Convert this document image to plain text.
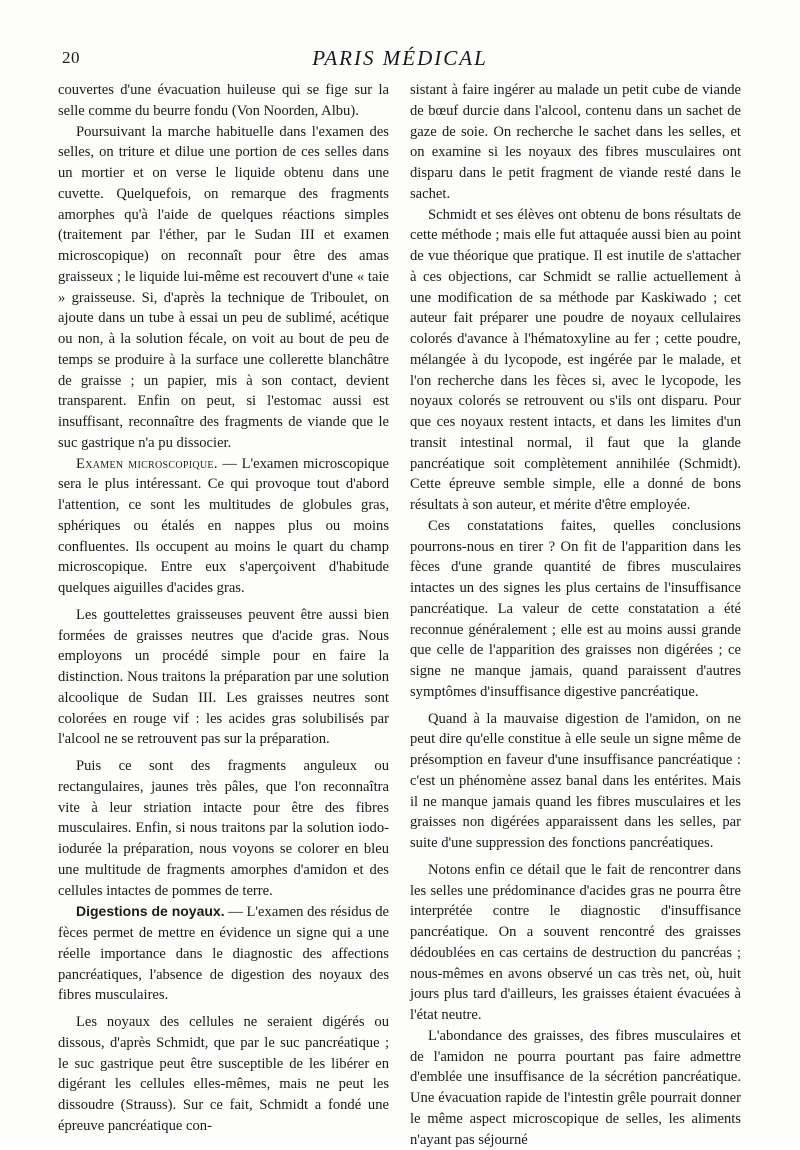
20	PARIS MÉDICAL

couvertes d'une évacuation huileuse qui se fige sur la selle comme du beurre fondu (Von Noorden, Albu).

Poursuivant la marche habituelle dans l'examen des selles, on triture et dilue une portion de ces selles dans un mortier et on verse le liquide obtenu dans une cuvette. Quelquefois, on remarque des fragments amorphes qu'à l'aide de quelques réactions simples (traitement par l'éther, par le Sudan III et examen microscopique) on reconnaît pour être des amas graisseux ; le liquide lui-même est recouvert d'une « taie » graisseuse. Si, d'après la technique de Triboulet, on ajoute dans un tube à essai un peu de sublimé, acétique ou non, à la solution fécale, on voit au bout de peu de temps se produire à la surface une collerette blanchâtre de graisse ; un papier, mis à son contact, devient transparent. Enfin on peut, si l'estomac aussi est insuffisant, reconnaître des fragments de viande que le suc gastrique n'a pu dissocier.

Examen microscopique. — L'examen microscopique sera le plus intéressant. Ce qui provoque tout d'abord l'attention, ce sont les multitudes de globules gras, sphériques ou étalés en nappes plus ou moins confluentes. Ils occupent au moins le quart du champ microscopique. Entre eux s'aperçoivent d'habitude quelques aiguilles d'acides gras.

Les gouttelettes graisseuses peuvent être aussi bien formées de graisses neutres que d'acide gras. Nous employons un procédé simple pour en faire la distinction. Nous traitons la préparation par une solution alcoolique de Sudan III. Les graisses neutres sont colorées en rouge vif : les acides gras solubilisés par l'alcool ne se retrouvent pas sur la préparation.

Puis ce sont des fragments anguleux ou rectangulaires, jaunes très pâles, que l'on reconnaîtra vite à leur striation intacte pour être des fibres musculaires. Enfin, si nous traitons par la solution iodo-iodurée la préparation, nous voyons se colorer en bleu une multitude de fragments amorphes d'amidon et des cellules intactes de pommes de terre.

Digestions de noyaux. — L'examen des résidus de fèces permet de mettre en évidence un signe qui a une réelle importance dans le diagnostic des affections pancréatiques, l'absence de digestion des noyaux des fibres musculaires.

Les noyaux des cellules ne seraient digérés ou dissous, d'après Schmidt, que par le suc pancréatique ; le suc gastrique peut être susceptible de les libérer en digérant les cellules elles-mêmes, mais ne peut les dissoudre (Strauss). Sur ce fait, Schmidt a fondé une épreuve pancréatique con-

sistant à faire ingérer au malade un petit cube de viande de bœuf durcie dans l'alcool, contenu dans un sachet de gaze de soie. On recherche le sachet dans les selles, et on examine si les noyaux des fibres musculaires ont disparu dans le petit fragment de viande resté dans le sachet.

Schmidt et ses élèves ont obtenu de bons résultats de cette méthode ; mais elle fut attaquée aussi bien au point de vue théorique que pratique. Il est inutile de s'attacher à ces objections, car Schmidt se rallie actuellement à une modification de sa méthode par Kaskiwado ; cet auteur fait préparer une poudre de noyaux cellulaires colorés d'avance à l'hématoxyline au fer ; cette poudre, mélangée à du lycopode, est ingérée par le malade, et l'on recherche dans les fèces si, avec le lycopode, les noyaux colorés se retrouvent ou s'ils ont disparu. Pour que ces noyaux restent intacts, et dans les limites d'un transit intestinal normal, il faut que la glande pancréatique soit complètement annihilée (Schmidt). Cette épreuve semble simple, elle a donné de bons résultats à son auteur, et mérite d'être employée.

Ces constatations faites, quelles conclusions pourrons-nous en tirer ? On fit de l'apparition dans les fèces d'une grande quantité de fibres musculaires intactes un des signes les plus certains de l'insuffisance pancréatique. La valeur de cette constatation a été reconnue généralement ; elle est au moins aussi grande que celle de l'apparition des graisses non digérées ; ce signe ne manque jamais, quand paraissent d'autres symptômes d'insuffisance digestive pancréatique.

Quand à la mauvaise digestion de l'amidon, on ne peut dire qu'elle constitue à elle seule un signe même de présomption en faveur d'une insuffisance pancréatique : c'est un phénomène assez banal dans les entérites. Mais il ne manque jamais quand les fibres musculaires et les graisses non digérées apparaissent dans les selles, par suite d'une suppression des fonctions pancréatiques.

Notons enfin ce détail que le fait de rencontrer dans les selles une prédominance d'acides gras ne pourra être interprétée contre le diagnostic d'insuffisance pancréatique. On a souvent rencontré des graisses dédoublées en cas certains de destruction du pancréas ; nous-mêmes en avons observé un cas très net, où, huit jours plus tard d'ailleurs, les graisses étaient évacuées à l'état neutre.

L'abondance des graisses, des fibres musculaires et de l'amidon ne pourra pourtant pas faire admettre d'emblée une insuffisance de la sécrétion pancréatique. Une évacuation rapide de l'intestin grêle pourrait donner le même aspect microscopique de selles, les aliments n'ayant pas séjourné
